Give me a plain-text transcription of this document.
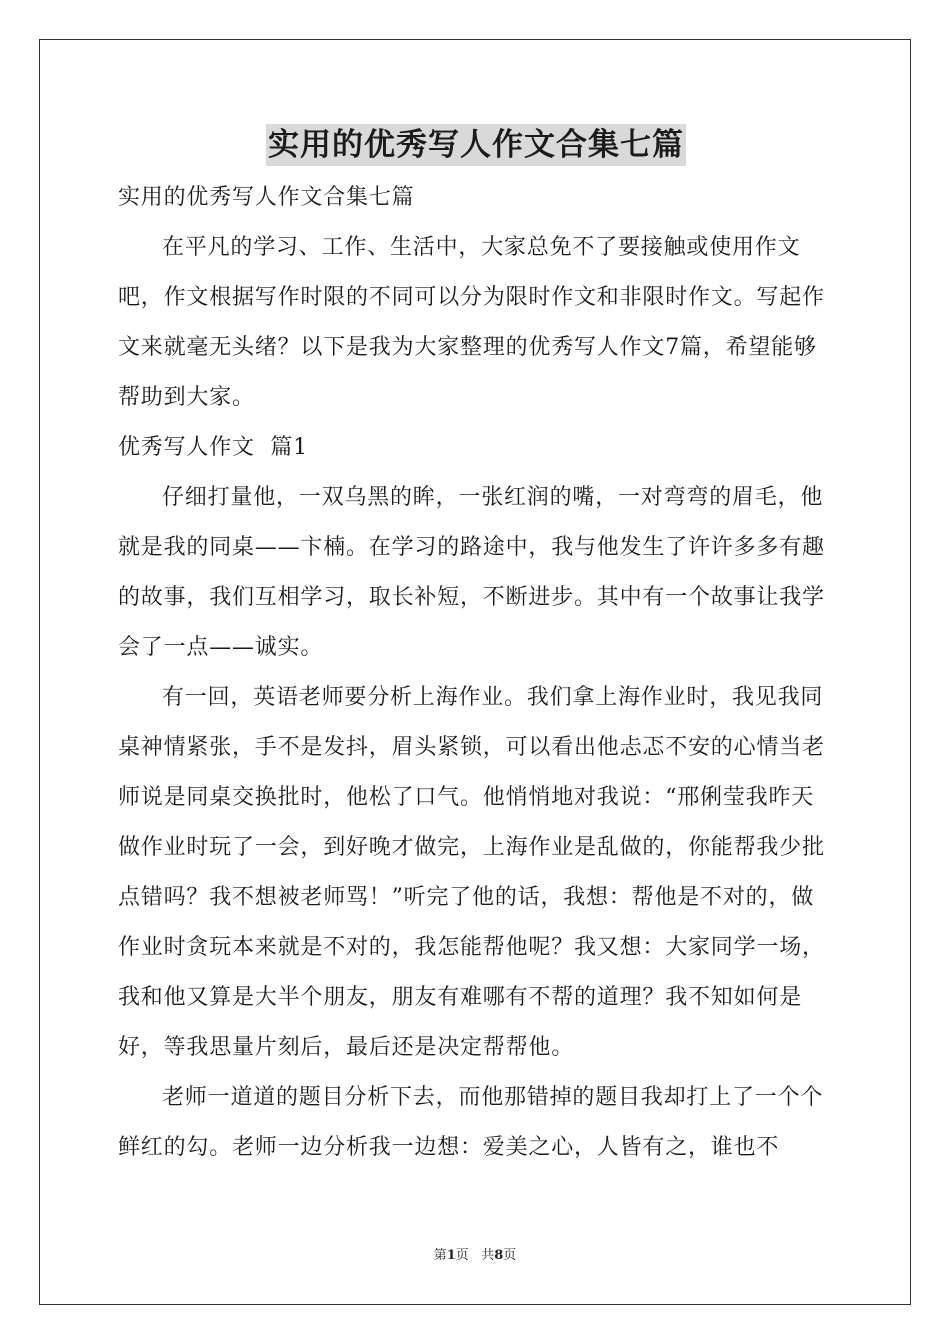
实用的优秀写人作文合集七篇

实用的优秀写人作文合集七篇

在平凡的学习、工作、生活中，大家总免不了要接触或使用作文吧，作文根据写作时限的不同可以分为限时作文和非限时作文。写起作文来就毫无头绪？以下是我为大家整理的优秀写人作文7篇，希望能够帮助到大家。

优秀写人作文  篇1

仔细打量他，一双乌黑的眸，一张红润的嘴，一对弯弯的眉毛，他就是我的同桌——卞楠。在学习的路途中，我与他发生了许许多多有趣的故事，我们互相学习，取长补短，不断进步。其中有一个故事让我学会了一点——诚实。

有一回，英语老师要分析上海作业。我们拿上海作业时，我见我同桌神情紧张，手不是发抖，眉头紧锁，可以看出他忐忑不安的心情当老师说是同桌交换批时，他松了口气。他悄悄地对我说：“邢俐莹我昨天做作业时玩了一会，到好晚才做完，上海作业是乱做的，你能帮我少批点错吗？我不想被老师骂！”听完了他的话，我想：帮他是不对的，做作业时贪玩本来就是不对的，我怎能帮他呢？我又想：大家同学一场，我和他又算是大半个朋友，朋友有难哪有不帮的道理？我不知如何是好，等我思量片刻后，最后还是决定帮帮他。

老师一道道的题目分析下去，而他那错掉的题目我却打上了一个个鲜红的勾。老师一边分析我一边想：爱美之心，人皆有之，谁也不

第1页   共8页
